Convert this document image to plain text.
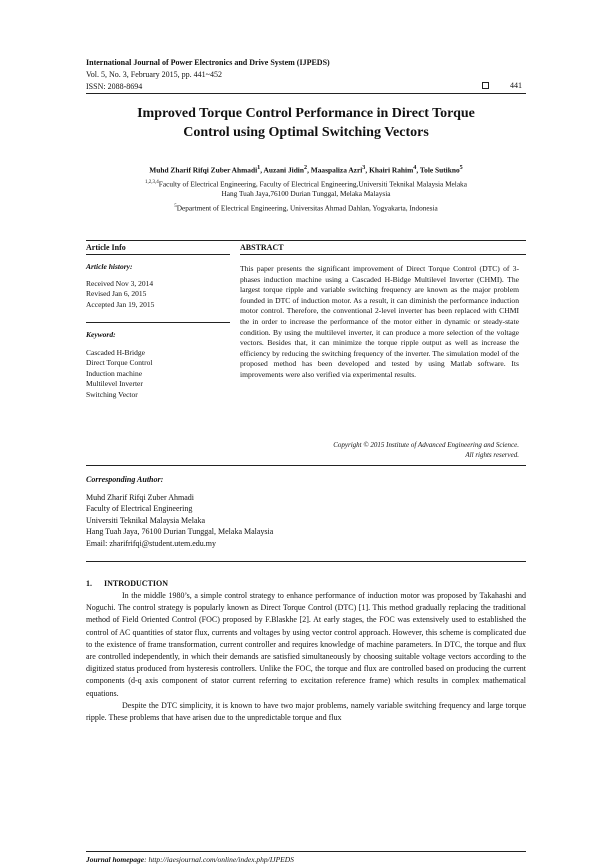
International Journal of Power Electronics and Drive System (IJPEDS)
Vol. 5, No. 3, February 2015, pp. 441~452
ISSN: 2088-8694	441
Improved Torque Control Performance in Direct Torque
Control using Optimal Switching Vectors
Muhd Zharif Rifqi Zuber Ahmadi$^1$, Auzani Jidin$^2$, Maaspaliza Azri$^3$, Khairi Rahim$^4$, Tole Sutikno$^5$
$^{1,2,3,4}$Faculty of Electrical Engineering, Faculty of Electrical Engineering,Universiti Teknikal Malaysia Melaka
Hang Tuah Jaya,76100 Durian Tunggal, Melaka Malaysia
$^5$Department of Electrical Engineering, Universitas Ahmad Dahlan, Yogyakarta, Indonesia
Article Info	ABSTRACT
Article history:
Received Nov 3, 2014
Revised Jan 6, 2015
Accepted Jan 19, 2015
Keyword:
Cascaded H-Bridge
Direct Torque Control
Induction machine
Multilevel Inverter
Switching Vector
This paper presents the significant improvement of Direct Torque Control (DTC) of 3-phases induction machine using a Cascaded H-Bidge Multilevel Inverter (CHMI). The largest torque ripple and variable switching frequency are known as the major problem founded in DTC of induction motor. As a result, it can diminish the performance induction motor control. Therefore, the conventional 2-level inverter has been replaced with CHMI the in order to increase the performance of the motor either in dynamic or steady-state condition. By using the multilevel inverter, it can produce a more selection of the voltage vectors. Besides that, it can minimize the torque ripple output as well as increase the efficiency by reducing the switching frequency of the inverter. The simulation model of the proposed method has been developed and tested by using Matlab software. Its improvements were also verified via experimental results.
Copyright © 2015 Institute of Advanced Engineering and Science.
All rights reserved.
Corresponding Author:
Muhd Zharif Rifqi Zuber Ahmadi
Faculty of Electrical Engineering
Universiti Teknikal Malaysia Melaka
Hang Tuah Jaya, 76100 Durian Tunggal, Melaka Malaysia
Email: zharifrifqi@student.utem.edu.my
1.      INTRODUCTION

In the middle 1980’s, a simple control strategy to enhance performance of induction motor was proposed by Takahashi and Noguchi. The control strategy is popularly known as Direct Torque Control (DTC) [1]. This method gradually replacing the traditional method of Field Oriented Control (FOC) proposed by F.Blaskhe [2]. At early stages, the FOC was extensively used to established the control of AC quantities of stator flux, currents and voltages by using vector control approach. However, this scheme is complicated due to the existence of frame transformation, current controller and requires knowledge of machine parameters. In DTC, the torque and flux are controlled independently, in which their demands are satisfied simultaneously by choosing suitable voltage vectors according to the digitized status produced from hysteresis controllers. Unlike the FOC, the torque and flux are controlled based on producing the current components (d-q axis component of stator current referring to excitation reference frame) which results in complex mathematical equations.

Despite the DTC simplicity, it is known to have two major problems, namely variable switching frequency and large torque ripple. These problems that have arisen due to the unpredictable torque and flux

Journal homepage: http://iaesjournal.com/online/index.php/IJPEDS
